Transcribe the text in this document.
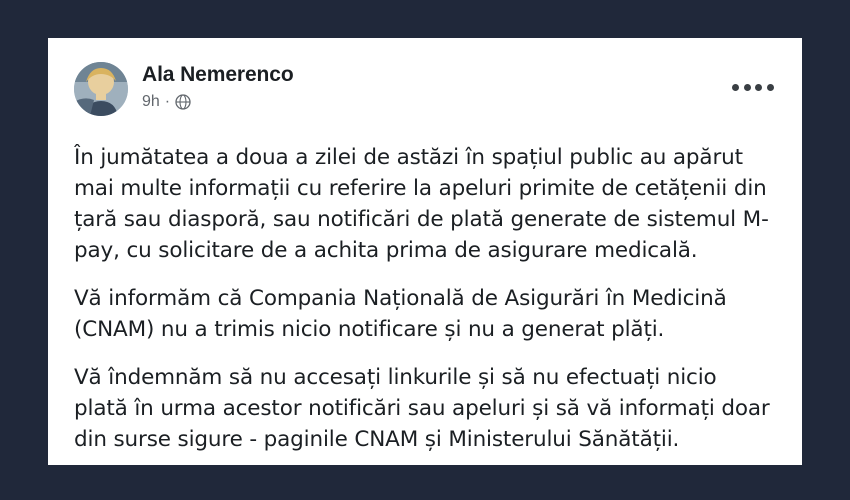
Ala Nemerenco
9h ·

În jumătatea a doua a zilei de astăzi în spațiul public au apărut mai multe informații cu referire la apeluri primite de cetățenii din țară sau diasporă, sau notificări de plată generate de sistemul M-pay, cu solicitare de a achita prima de asigurare medicală.

Vă informăm că Compania Națională de Asigurări în Medicină (CNAM) nu a trimis nicio notificare și nu a generat plăți.

Vă îndemnăm să nu accesați linkurile și să nu efectuați nicio plată în urma acestor notificări sau apeluri și să vă informați doar din surse sigure - paginile CNAM și Ministerului Sănătății.
